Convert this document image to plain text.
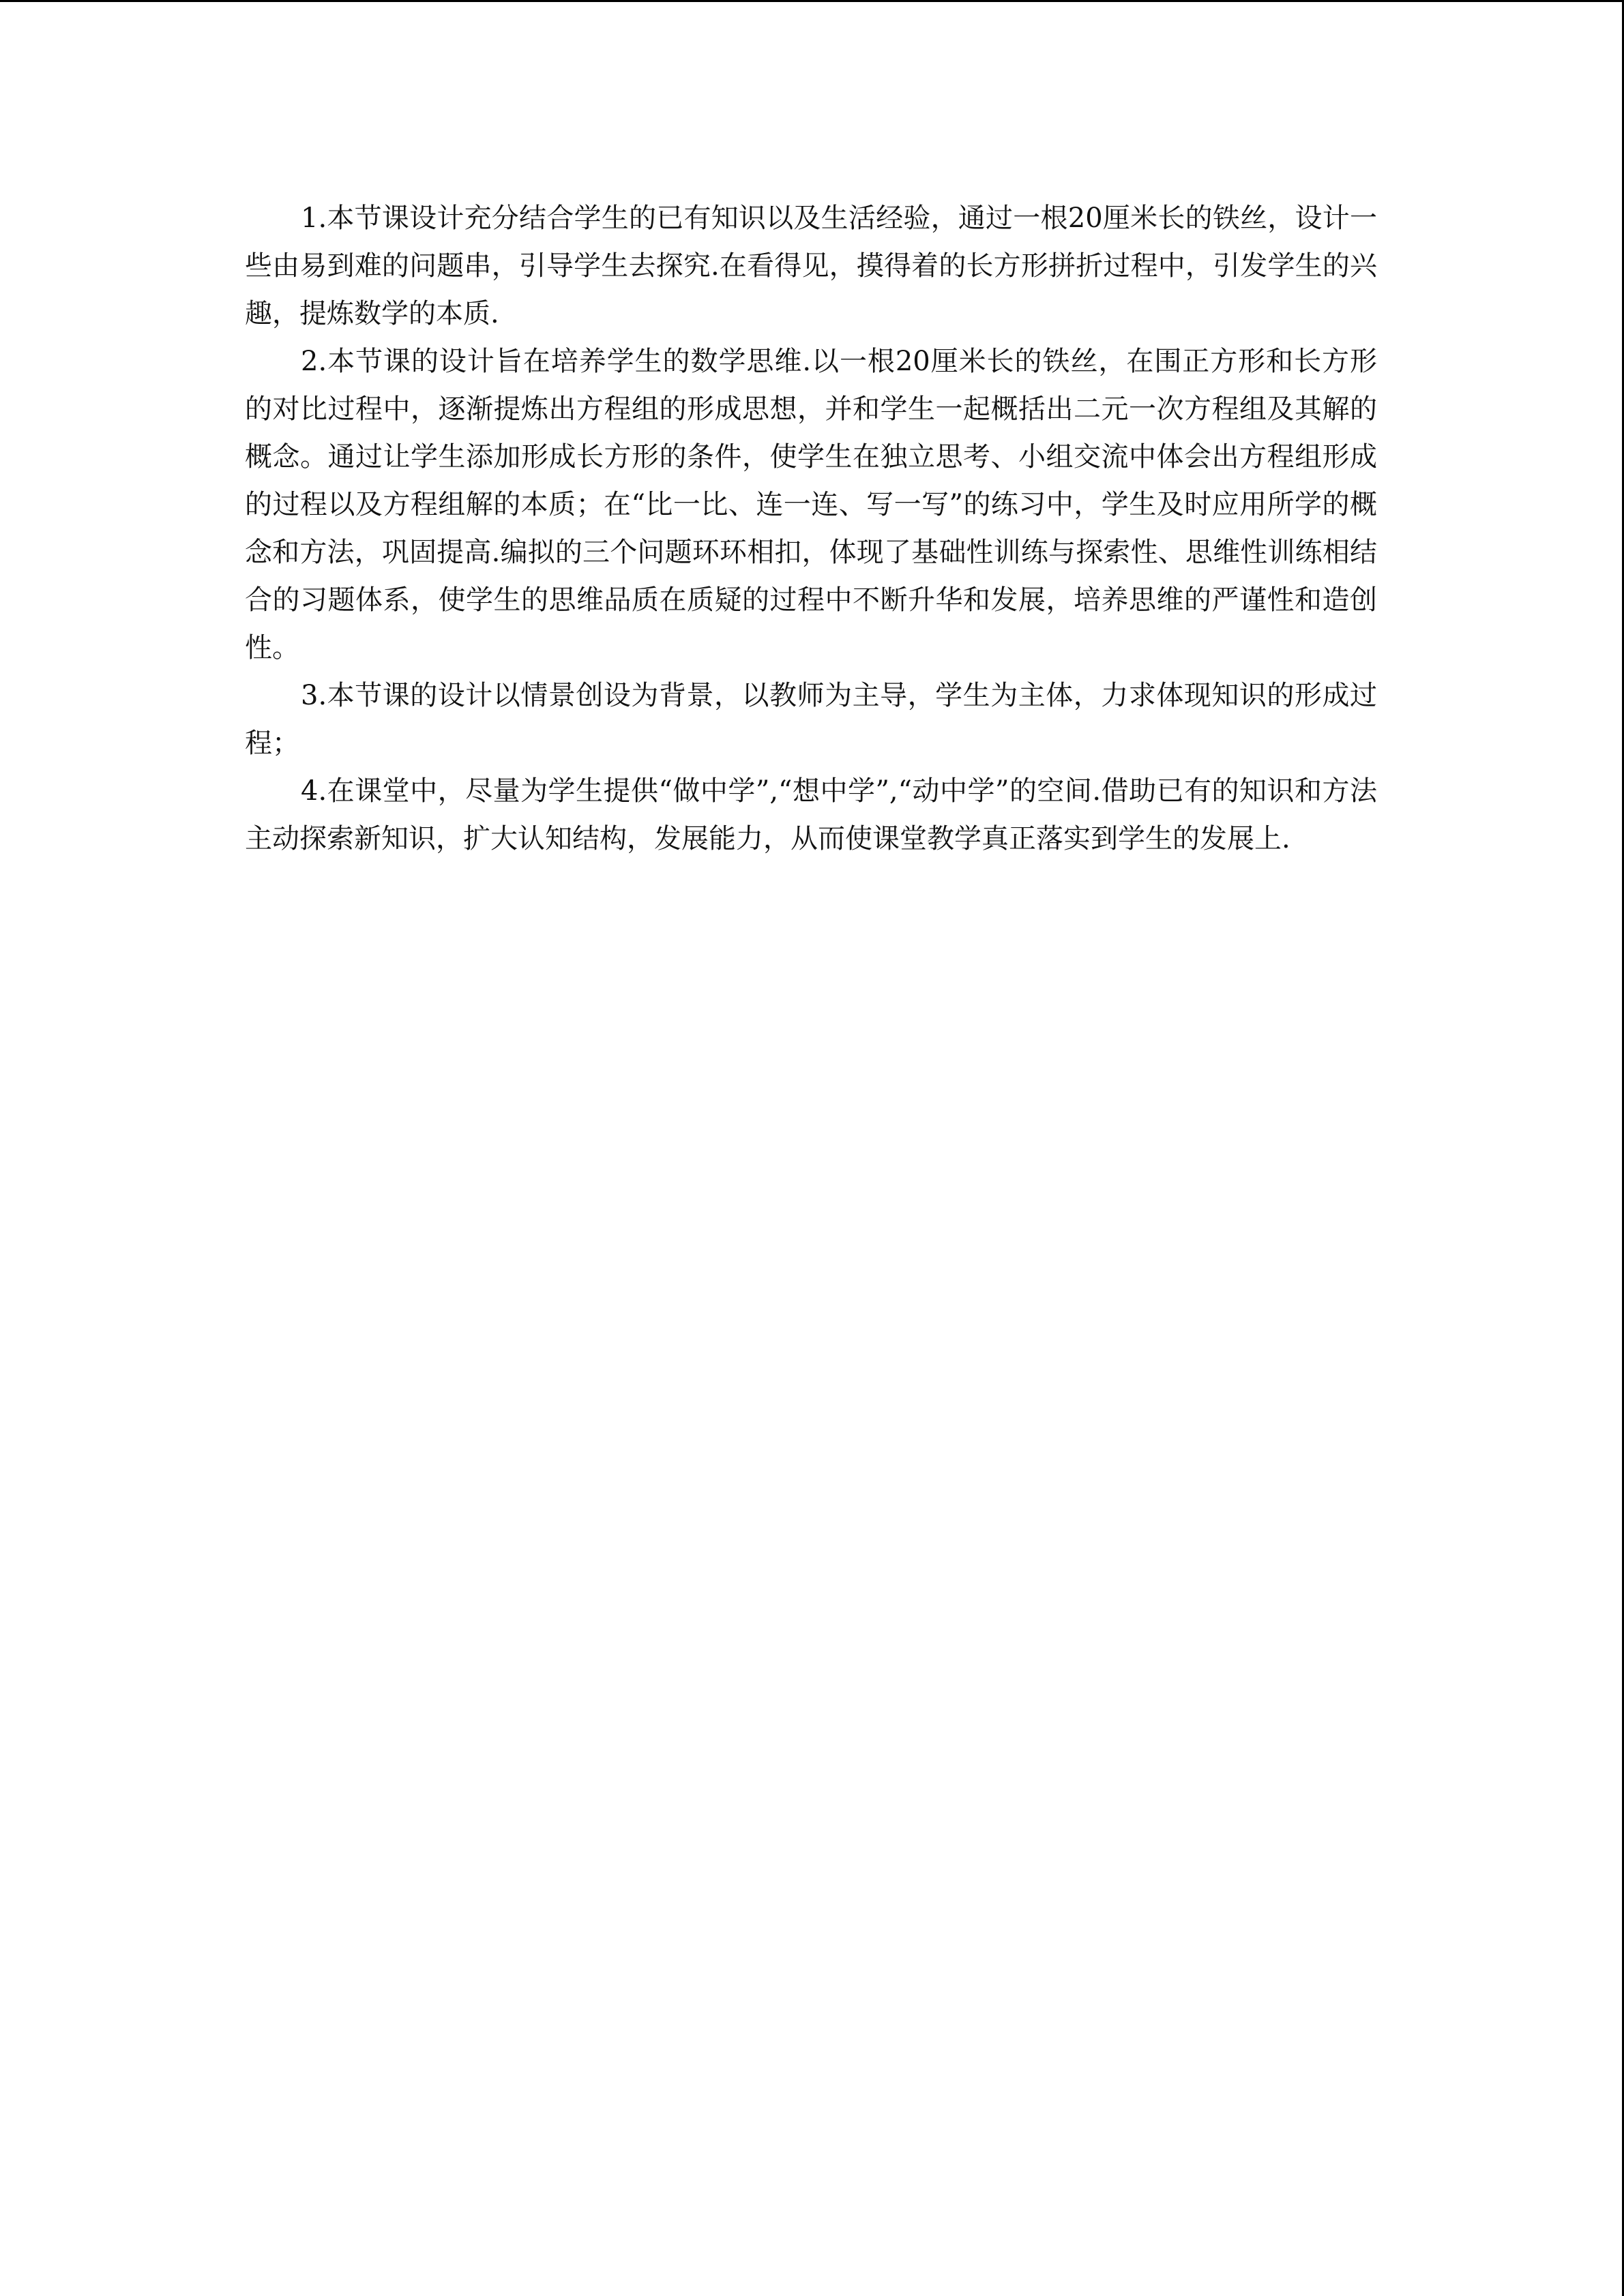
1.本节课设计充分结合学生的已有知识以及生活经验，通过一根20厘米长的铁丝，设计一些由易到难的问题串，引导学生去探究.在看得见，摸得着的长方形拼折过程中，引发学生的兴趣，提炼数学的本质.

2.本节课的设计旨在培养学生的数学思维.以一根20厘米长的铁丝，在围正方形和长方形的对比过程中，逐渐提炼出方程组的形成思想，并和学生一起概括出二元一次方程组及其解的概念。通过让学生添加形成长方形的条件，使学生在独立思考、小组交流中体会出方程组形成的过程以及方程组解的本质；在“比一比、连一连、写一写”的练习中，学生及时应用所学的概念和方法，巩固提高.编拟的三个问题环环相扣，体现了基础性训练与探索性、思维性训练相结合的习题体系，使学生的思维品质在质疑的过程中不断升华和发展，培养思维的严谨性和造创性。

3.本节课的设计以情景创设为背景，以教师为主导，学生为主体，力求体现知识的形成过程；

4.在课堂中，尽量为学生提供“做中学”,“想中学”,“动中学”的空间.借助已有的知识和方法主动探索新知识，扩大认知结构，发展能力，从而使课堂教学真正落实到学生的发展上.
